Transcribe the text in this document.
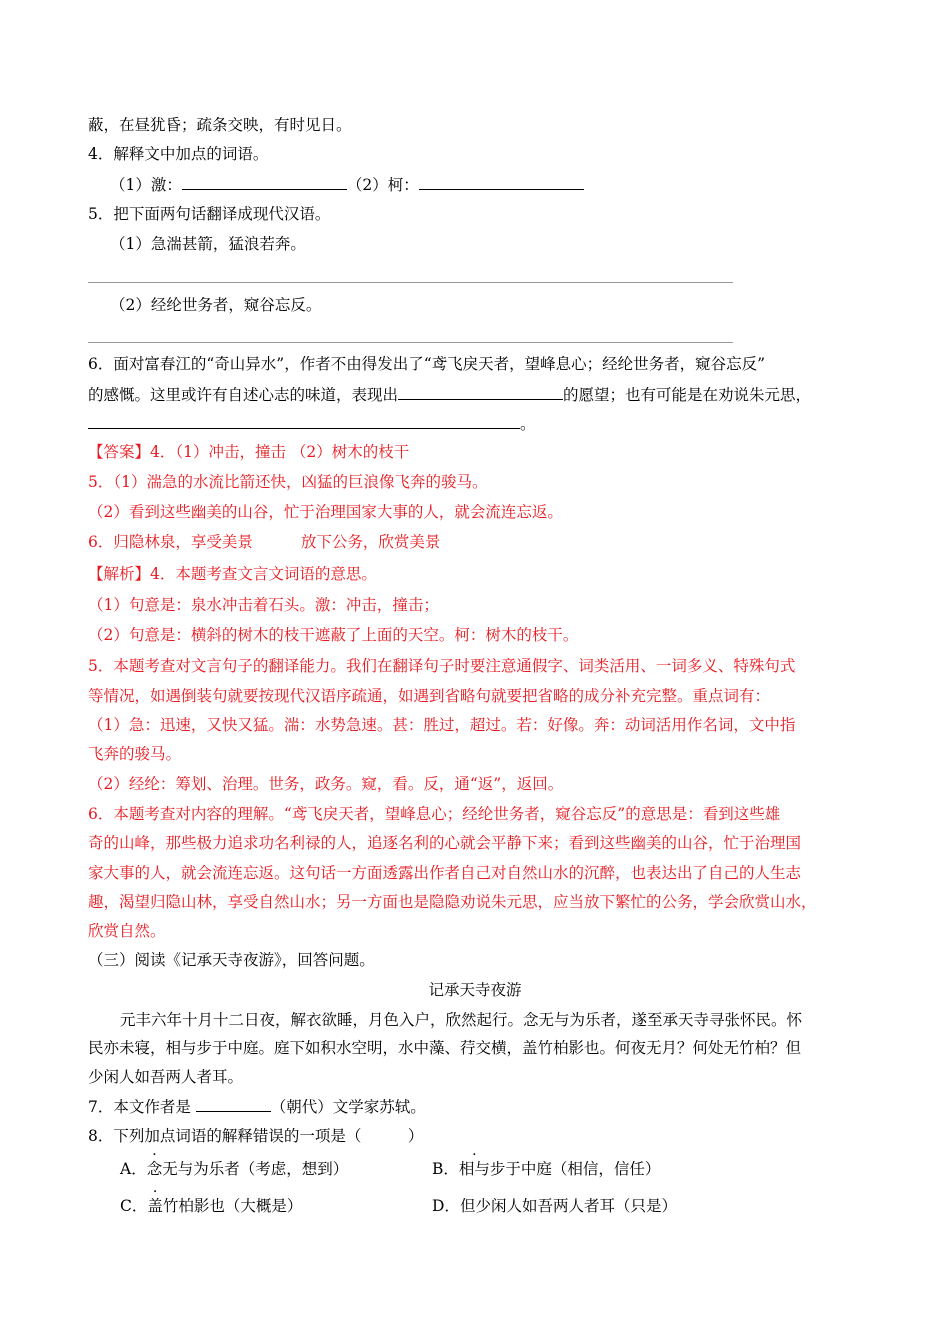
蔽，在昼犹昏；疏条交映，有时见日。
4．解释文中加点的词语。
（1）激：	（2）柯：
5．把下面两句话翻译成现代汉语。
（1）急湍甚箭，猛浪若奔。
（2）经纶世务者，窥谷忘反。
6．面对富春江的“奇山异水”，作者不由得发出了“鸢飞戾天者，望峰息心；经纶世务者，窥谷忘反”
的感慨。这里或许有自述心志的味道，表现出	的愿望；也有可能是在劝说朱元思，
。
【答案】4．（1）冲击，撞击 （2）树木的枝干
5．（1）湍急的水流比箭还快，凶猛的巨浪像飞奔的骏马。
（2）看到这些幽美的山谷，忙于治理国家大事的人，就会流连忘返。
6．归隐林泉，享受美景	放下公务，欣赏美景
【解析】4．本题考查文言文词语的意思。
（1）句意是：泉水冲击着石头。激：冲击，撞击；
（2）句意是：横斜的树木的枝干遮蔽了上面的天空。柯：树木的枝干。
5．本题考查对文言句子的翻译能力。我们在翻译句子时要注意通假字、词类活用、一词多义、特殊句式
等情况，如遇倒装句就要按现代汉语序疏通，如遇到省略句就要把省略的成分补充完整。重点词有：
（1）急：迅速，又快又猛。湍：水势急速。甚：胜过，超过。若：好像。奔：动词活用作名词，文中指
飞奔的骏马。
（2）经纶：筹划、治理。世务，政务。窥，看。反，通“返”，返回。
6．本题考查对内容的理解。“鸢飞戾天者，望峰息心；经纶世务者，窥谷忘反”的意思是：看到这些雄
奇的山峰，那些极力追求功名利禄的人，追逐名利的心就会平静下来；看到这些幽美的山谷，忙于治理国
家大事的人，就会流连忘返。这句话一方面透露出作者自己对自然山水的沉醉，也表达出了自己的人生志
趣，渴望归隐山林，享受自然山水；另一方面也是隐隐劝说朱元思，应当放下繁忙的公务，学会欣赏山水，
欣赏自然。
（三）阅读《记承天寺夜游》，回答问题。
记承天寺夜游
元丰六年十月十二日夜，解衣欲睡，月色入户，欣然起行。念无与为乐者，遂至承天寺寻张怀民。怀
民亦未寝，相与步于中庭。庭下如积水空明，水中藻、荇交横，盖竹柏影也。何夜无月？何处无竹柏？但
少闲人如吾两人者耳。
7．本文作者是	（朝代）文学家苏轼。
8．下列加点词语的解释错误的一项是（　　　）
A．念无与为乐者（考虑，想到）	B．相与步于中庭（相信，信任）
C．盖竹柏影也（大概是）	D．但少闲人如吾两人者耳（只是）
